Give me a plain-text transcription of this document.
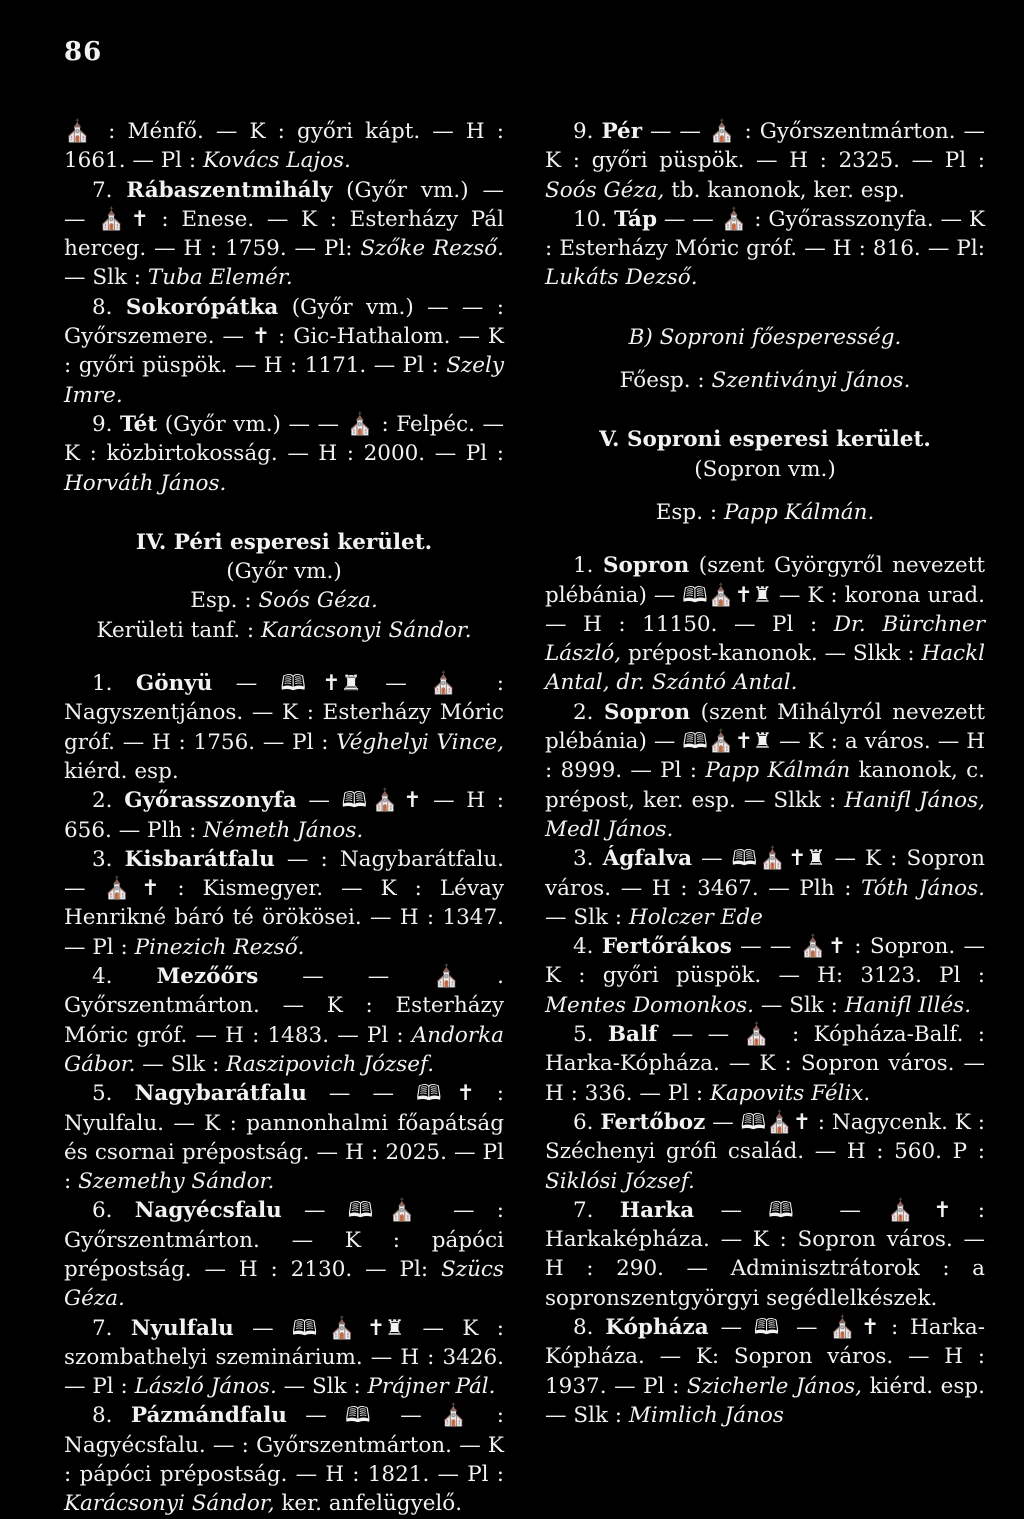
86

⛪ : Ménfő. — K : győri kápt. — H : 1661. — Pl : Kovács Lajos.

7. Rábaszentmihály (Győr vm.) — — ⛪✝ : Enese. — K : Esterházy Pál herceg. — H : 1759. — Pl: Szőke Rezső. — Slk : Tuba Elemér.

8. Sokorópátka (Győr vm.) — — : Győrszemere. — ✝ : Gic-Hathalom. — K : győri püspök. — H : 1171. — Pl : Szely Imre.

9. Tét (Győr vm.) — — ⛪ : Felpéc. — K : közbirtokosság. — H : 2000. — Pl : Horváth János.

IV. Péri esperesi kerület.

(Győr vm.)

Esp. : Soós Géza.

Kerületi tanf. : Karácsonyi Sándor.

1. Gönyü — 🕮✝♜ — ⛪ : Nagyszentjános. — K : Esterházy Móric gróf. — H : 1756. — Pl : Véghelyi Vince, kiérd. esp.

2. Győrasszonyfa — 🕮⛪✝ — H : 656. — Plh : Németh János.

3. Kisbarátfalu — : Nagybarátfalu. — ⛪✝ : Kismegyer. — K : Lévay Henrikné báró té örökösei. — H : 1347. — Pl : Pinezich Rezső.

4. Mezőőrs — — ⛪. Győrszentmárton. — K : Esterházy Móric gróf. — H : 1483. — Pl : Andorka Gábor. — Slk : Raszipovich József.

5. Nagybarátfalu — — 🕮✝ : Nyulfalu. — K : pannonhalmi főapátság és csornai prépostság. — H : 2025. — Pl : Szemethy Sándor.

6. Nagyécsfalu — 🕮⛪ — : Győrszentmárton. — K : pápóci prépostság. — H : 2130. — Pl: Szücs Géza.

7. Nyulfalu — 🕮⛪✝♜ — K : szombathelyi szeminárium. — H : 3426. — Pl : László János. — Slk : Prájner Pál.

8. Pázmándfalu — 🕮 — ⛪ : Nagyécsfalu. — : Győrszentmárton. — K : pápóci prépostság. — H : 1821. — Pl : Karácsonyi Sándor, ker. anfelügyelő.

9. Pér — — ⛪ : Győrszentmárton. — K : győri püspök. — H : 2325. — Pl : Soós Géza, tb. kanonok, ker. esp.

10. Táp — — ⛪ : Győrasszonyfa. — K : Esterházy Móric gróf. — H : 816. — Pl: Lukáts Dezső.

B) Soproni főesperesség.

Főesp. : Szentiványi János.

V. Soproni esperesi kerület.

(Sopron vm.)

Esp. : Papp Kálmán.

1. Sopron (szent Györgyről nevezett plébánia) — 🕮⛪✝♜ — K : korona urad. — H : 11150. — Pl : Dr. Bürchner László, prépost-kanonok. — Slkk : Hackl Antal, dr. Szántó Antal.

2. Sopron (szent Mihályról nevezett plébánia) — 🕮⛪✝♜ — K : a város. — H : 8999. — Pl : Papp Kálmán kanonok, c. prépost, ker. esp. — Slkk : Hanifl János, Medl János.

3. Ágfalva — 🕮⛪✝♜ — K : Sopron város. — H : 3467. — Plh : Tóth János. — Slk : Holczer Ede

4. Fertőrákos — — ⛪✝ : Sopron. — K : győri püspök. — H: 3123. Pl : Mentes Domonkos. — Slk : Hanifl Illés.

5. Balf — — ⛪ : Kópháza-Balf. : Harka-Kópháza. — K : Sopron város. — H : 336. — Pl : Kapovits Félix.

6. Fertőboz — 🕮⛪✝ : Nagycenk. K : Széchenyi grófi család. — H : 560. P : Siklósi József.

7. Harka — 🕮 — ⛪✝ : Harkaképháza. — K : Sopron város. — H : 290. — Adminisztrátorok : a sopronszentgyörgyi segédlelkészek.

8. Kópháza — 🕮 — ⛪✝ : Harka-Kópháza. — K: Sopron város. — H : 1937. — Pl : Szicherle János, kiérd. esp. — Slk : Mimlich János
